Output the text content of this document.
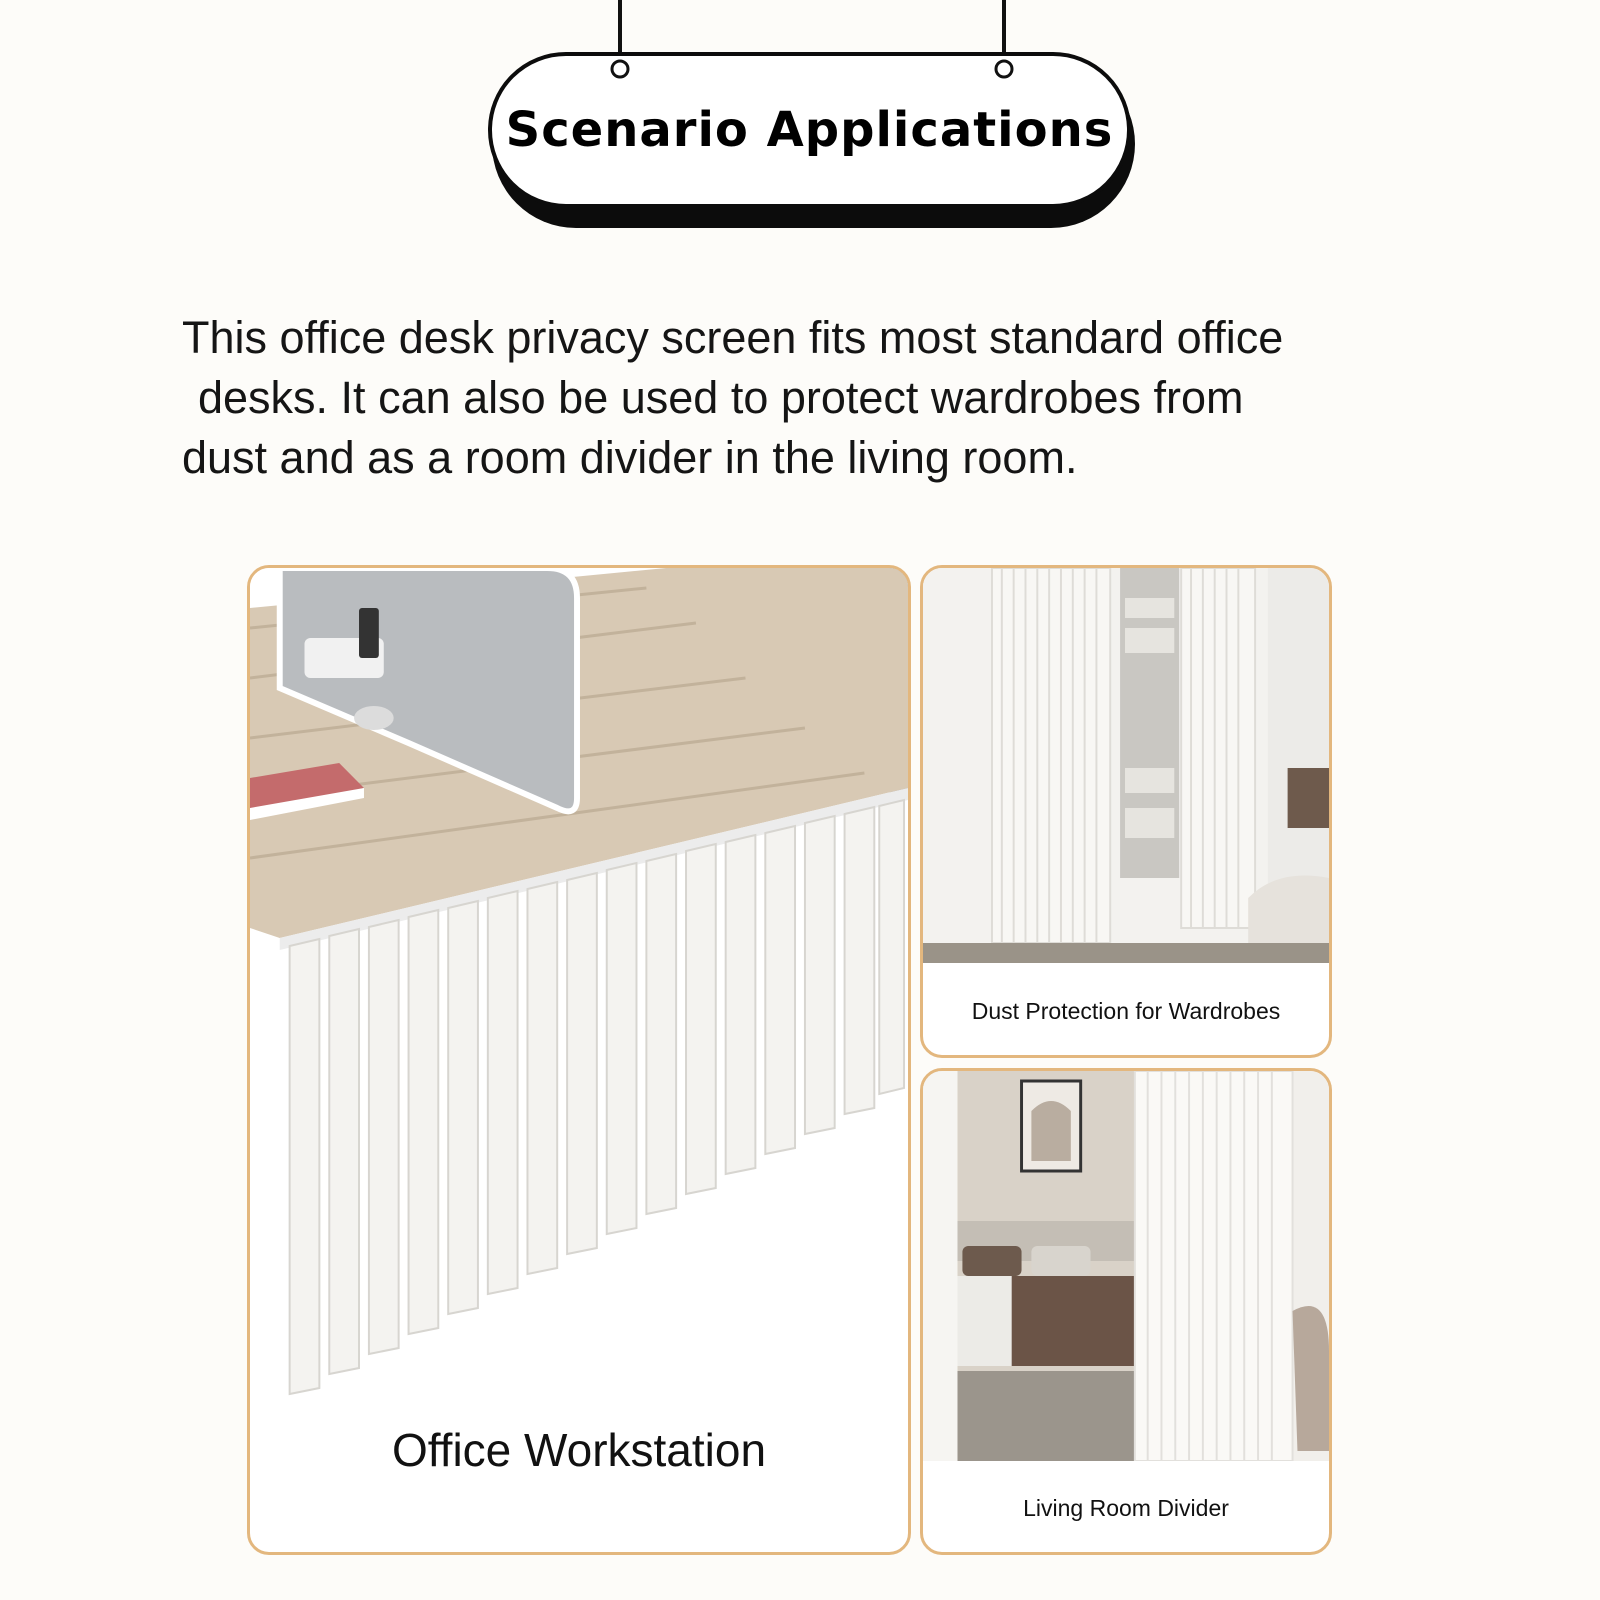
Scenario Applications
This office desk privacy screen fits most standard office
desks. It can also be used to protect wardrobes from
dust and as a room divider in the living room.
Office Workstation
Dust Protection for Wardrobes
Living Room Divider
